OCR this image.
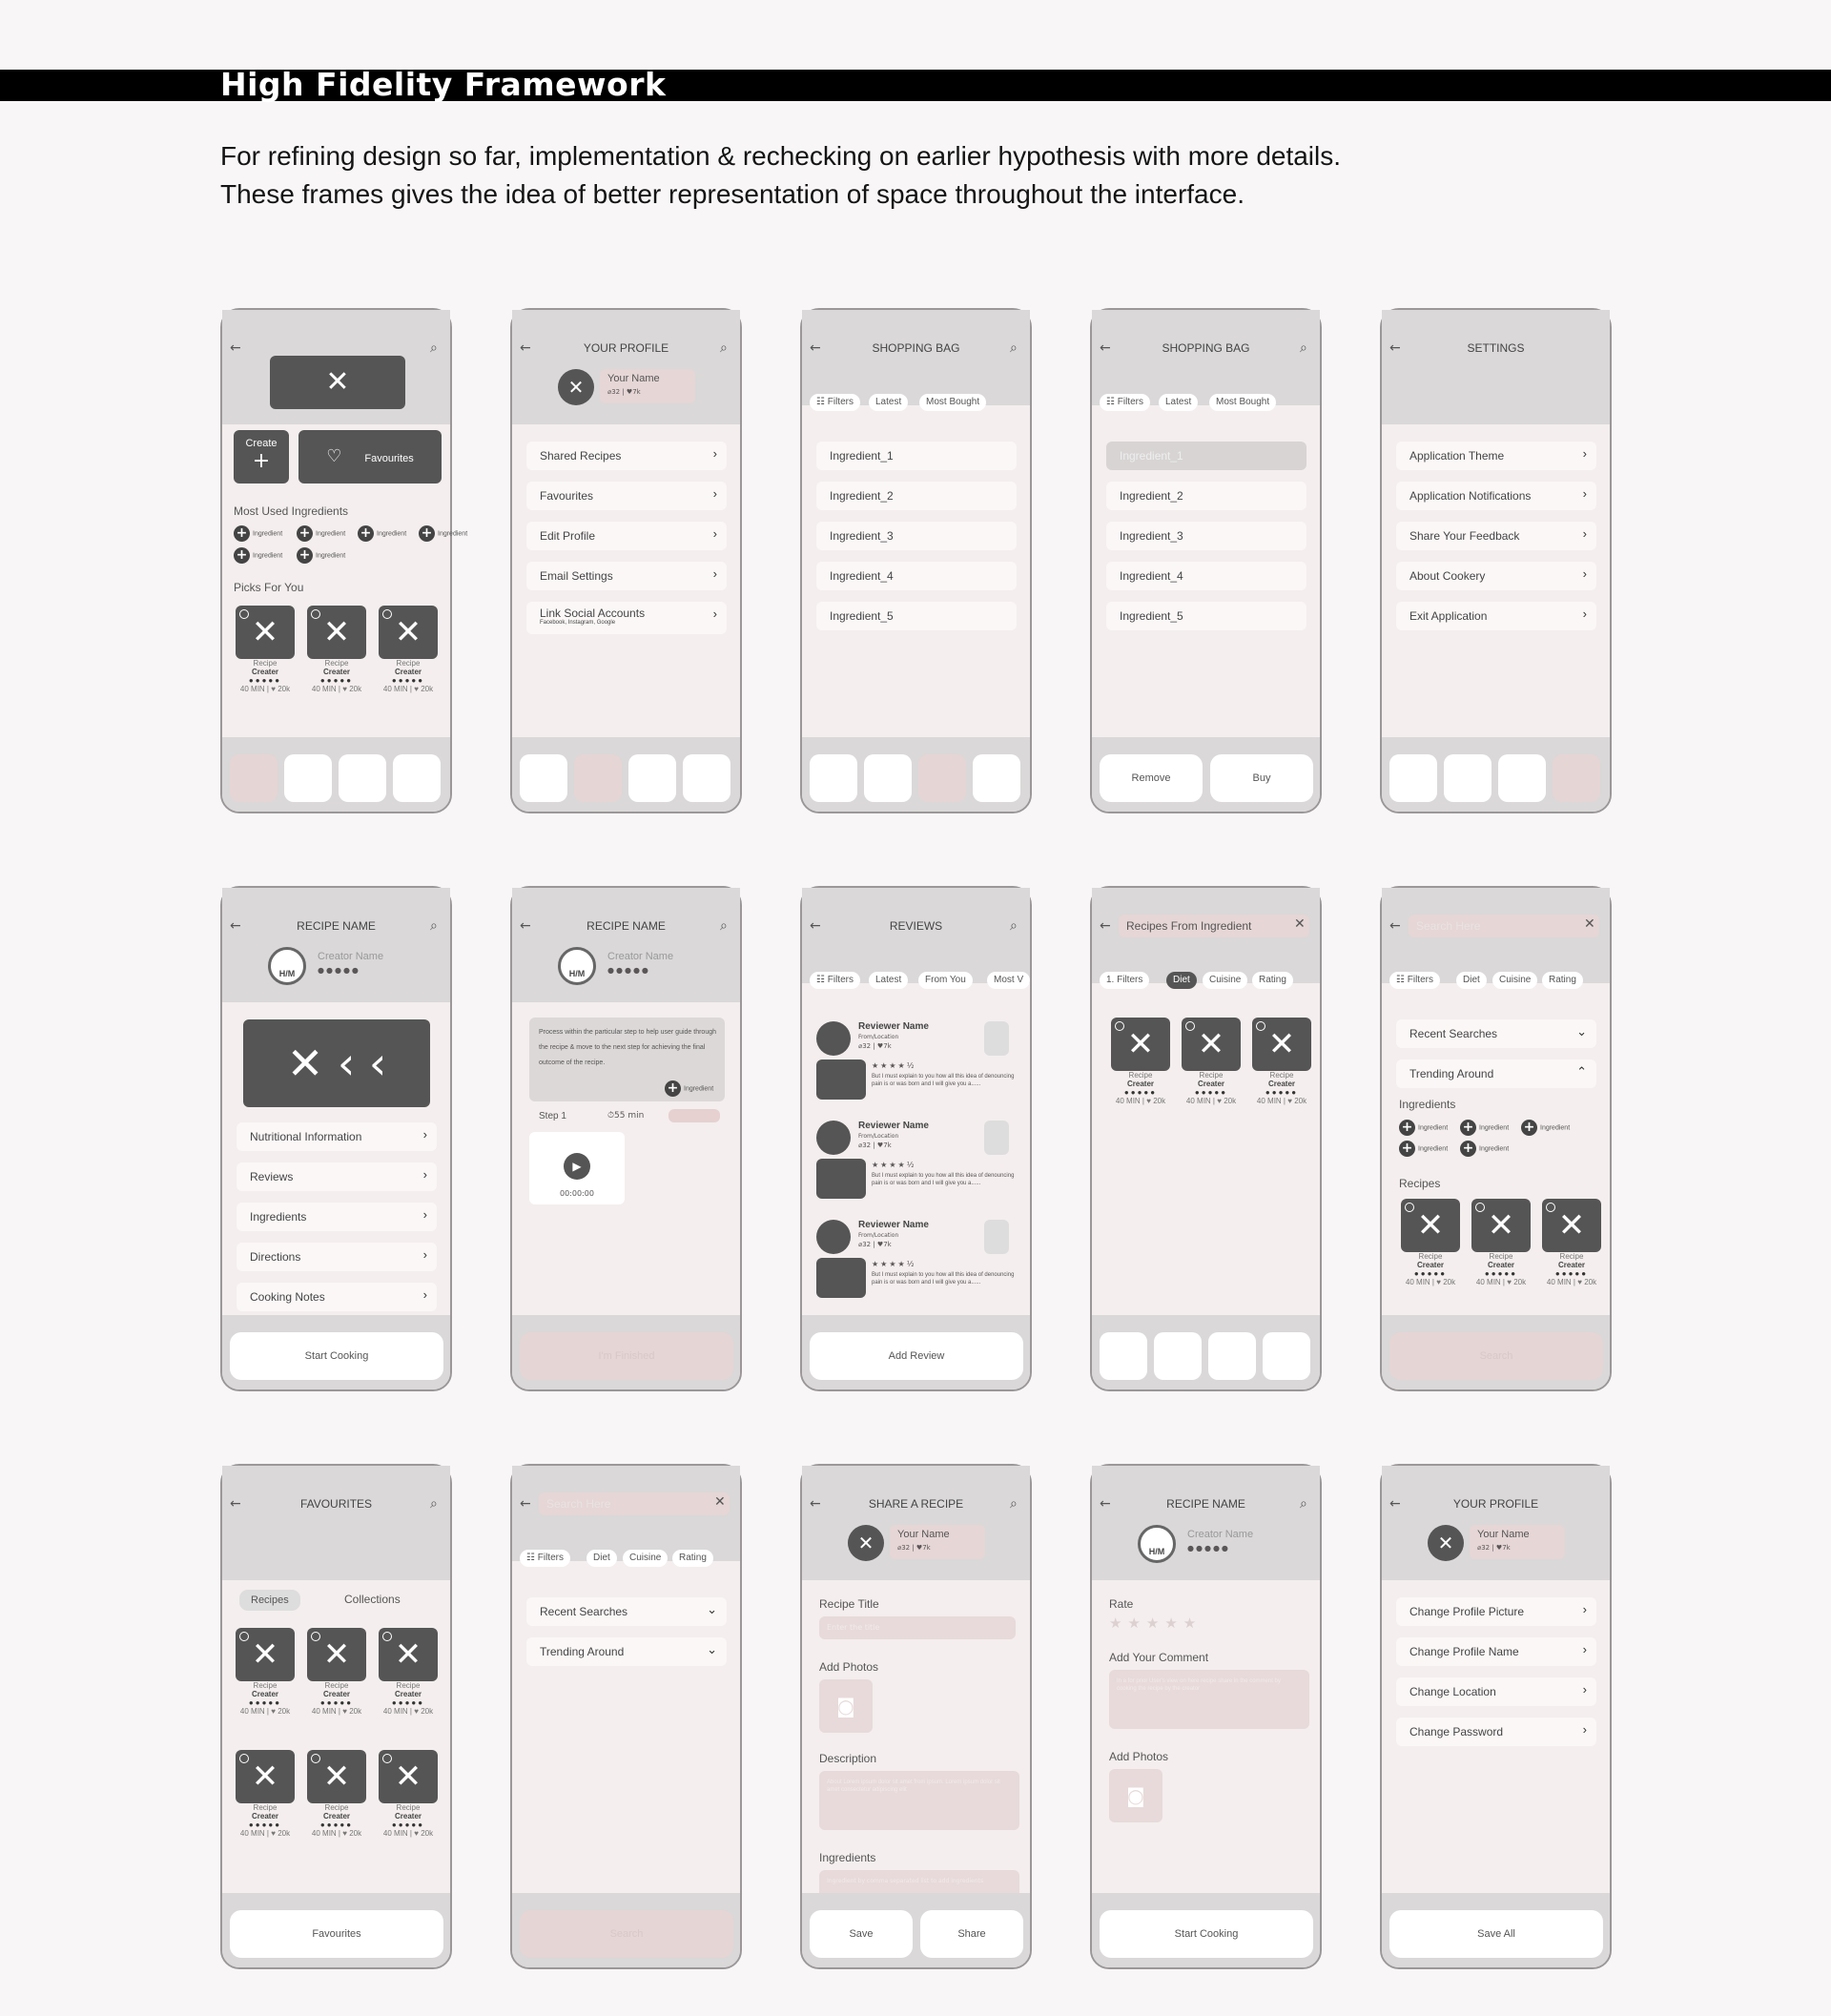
High Fidelity Framework
For refining design so far, implementation & rechecking on earlier hypothesis with more details.
These frames gives the idea of better representation of space throughout the interface.
←	⌕
✕
Create
+	♡ Favourites
Most Used Ingredients
+ Ingredient	+ Ingredient	+ Ingredient	+ Ingredient
+ Ingredient	+ Ingredient
Picks For You
✕
Recipe
Creater
●●●●●
40 MIN | ♥ 20k
✕
Recipe
Creater
●●●●●
40 MIN | ♥ 20k
✕
Recipe
Creater
●●●●●
40 MIN | ♥ 20k
←	YOUR PROFILE	⌕
✕	Your Name
⌀32 | ♥7k
Shared Recipes	›
Favourites	›
Edit Profile	›
Email Settings	›
Link Social Accounts
Facebook, Instagram, Google
›
←	SHOPPING BAG	⌕
☷ Filters	Latest	Most Bought
Ingredient_1
Ingredient_2
Ingredient_3
Ingredient_4
Ingredient_5
←	SHOPPING BAG	⌕
☷ Filters	Latest	Most Bought
Ingredient_1
Ingredient_2
Ingredient_3
Ingredient_4
Ingredient_5
Remove	Buy
←	SETTINGS
Application Theme	›
Application Notifications	›
Share Your Feedback	›
About Cookery	›
Exit Application	›
←	RECIPE NAME	⌕
H/M
Creator Name
●●●●●
✕ ‹ ‹
Nutritional Information	›
Reviews	›
Ingredients	›
Directions	›
Cooking Notes	›
Start Cooking
←	RECIPE NAME	⌕
H/M
Creator Name
●●●●●
Process within the particular step to help user guide through the recipe & move to the next step for achieving the final outcome of the recipe.
+ Ingredient
Step 1	⏱55 min
▶
00:00:00
I'm Finished
←	REVIEWS	⌕
☷ Filters	Latest	From You	Most V
Reviewer Name
From/Location
⌀32 | ♥7k
★★★★½
But I must explain to you how all this idea of denouncing pain is or was born and I will give you a......
Reviewer Name
From/Location
⌀32 | ♥7k
★★★★½
But I must explain to you how all this idea of denouncing pain is or was born and I will give you a......
Reviewer Name
From/Location
⌀32 | ♥7k
★★★★½
But I must explain to you how all this idea of denouncing pain is or was born and I will give you a......
Add Review
← Recipes From Ingredient	✕
1. Filters	Diet	Cuisine	Rating
✕
Recipe
Creater
●●●●●
40 MIN | ♥ 20k
✕
Recipe
Creater
●●●●●
40 MIN | ♥ 20k
✕
Recipe
Creater
●●●●●
40 MIN | ♥ 20k
← Search Here	✕
☷ Filters	Diet	Cuisine	Rating
Recent Searches	⌄
Trending Around	⌃
Ingredients
+ Ingredient	+ Ingredient	+ Ingredient
+ Ingredient	+ Ingredient
Recipes
✕
Recipe
Creater
●●●●●
40 MIN | ♥ 20k
✕
Recipe
Creater
●●●●●
40 MIN | ♥ 20k
✕
Recipe
Creater
●●●●●
40 MIN | ♥ 20k
Search
←	FAVOURITES	⌕
Recipes	Collections
✕
Recipe
Creater
●●●●●
40 MIN | ♥ 20k
✕
Recipe
Creater
●●●●●
40 MIN | ♥ 20k
✕
Recipe
Creater
●●●●●
40 MIN | ♥ 20k
✕
Recipe
Creater
●●●●●
40 MIN | ♥ 20k
✕
Recipe
Creater
●●●●●
40 MIN | ♥ 20k
✕
Recipe
Creater
●●●●●
40 MIN | ♥ 20k
Favourites
← Search Here	✕
☷ Filters	Diet	Cuisine	Rating
Recent Searches	⌄
Trending Around	⌄
Search
←	SHARE A RECIPE	⌕
✕	Your Name
⌀32 | ♥7k
Recipe Title
Enter the title
Add Photos
◙
Description
About Lorem ipsum dolor sit amet from ipsum. Lorem ipsum dolor sit amet consectetur adipiscing elit
Ingredients
Ingredient by comma separated list to add ingredients
Save	Share
←	RECIPE NAME	⌕
H/M
Creator Name
●●●●●
Rate
★★★★★
Add Your Comment
In a for prior User's view on here recipe share in the comment by cooking the recipe by the creator
Add Photos
◙
Start Cooking
←	YOUR PROFILE
✕	Your Name
⌀32 | ♥7k
Change Profile Picture	›
Change Profile Name	›
Change Location	›
Change Password	›
Save All
